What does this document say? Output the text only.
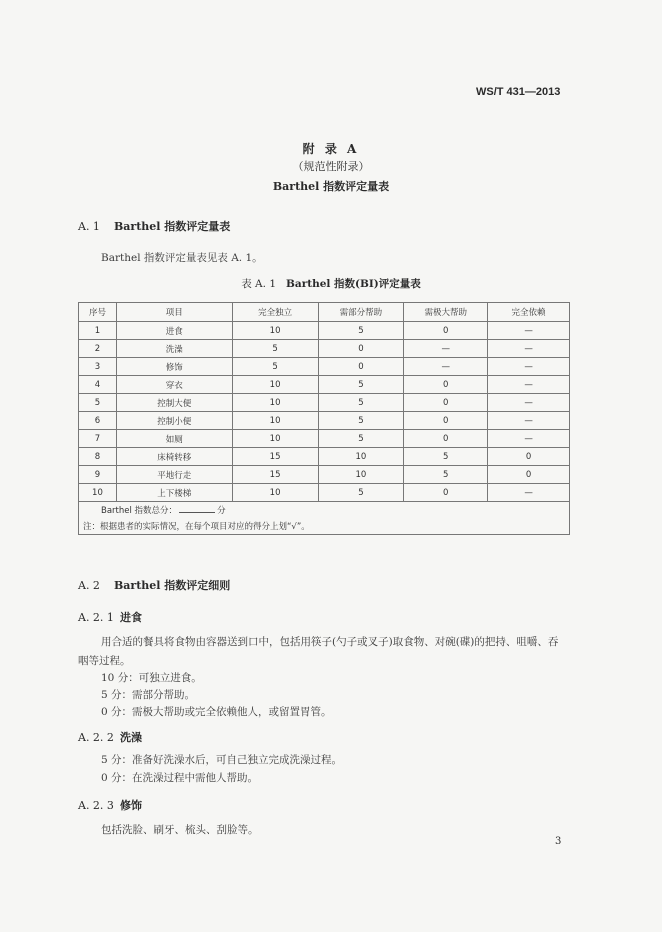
WS/T 431—2013
附 录 A
（规范性附录）
Barthel 指数评定量表
A. 1 Barthel 指数评定量表
Barthel 指数评定量表见表 A. 1。
表 A. 1 Barthel 指数(BI)评定量表
序号	项目	完全独立	需部分帮助	需极大帮助	完全依赖
1	进食	10	5	0	—
2	洗澡	5	0	—	—
3	修饰	5	0	—	—
4	穿衣	10	5	0	—
5	控制大便	10	5	0	—
6	控制小便	10	5	0	—
7	如厕	10	5	0	—
8	床椅转移	15	10	5	0
9	平地行走	15	10	5	0
10	上下楼梯	10	5	0	—
Barthel 指数总分： 分					
注：根据患者的实际情况，在每个项目对应的得分上划“√”。					
A. 2 Barthel 指数评定细则
A. 2. 1 进食
用合适的餐具将食物由容器送到口中，包括用筷子(勺子或叉子)取食物、对碗(碟)的把持、咀嚼、吞
咽等过程。
10 分：可独立进食。
5 分：需部分帮助。
0 分：需极大帮助或完全依赖他人，或留置胃管。
A. 2. 2 洗澡
5 分：准备好洗澡水后，可自己独立完成洗澡过程。
0 分：在洗澡过程中需他人帮助。
A. 2. 3 修饰
包括洗脸、刷牙、梳头、刮脸等。
3
